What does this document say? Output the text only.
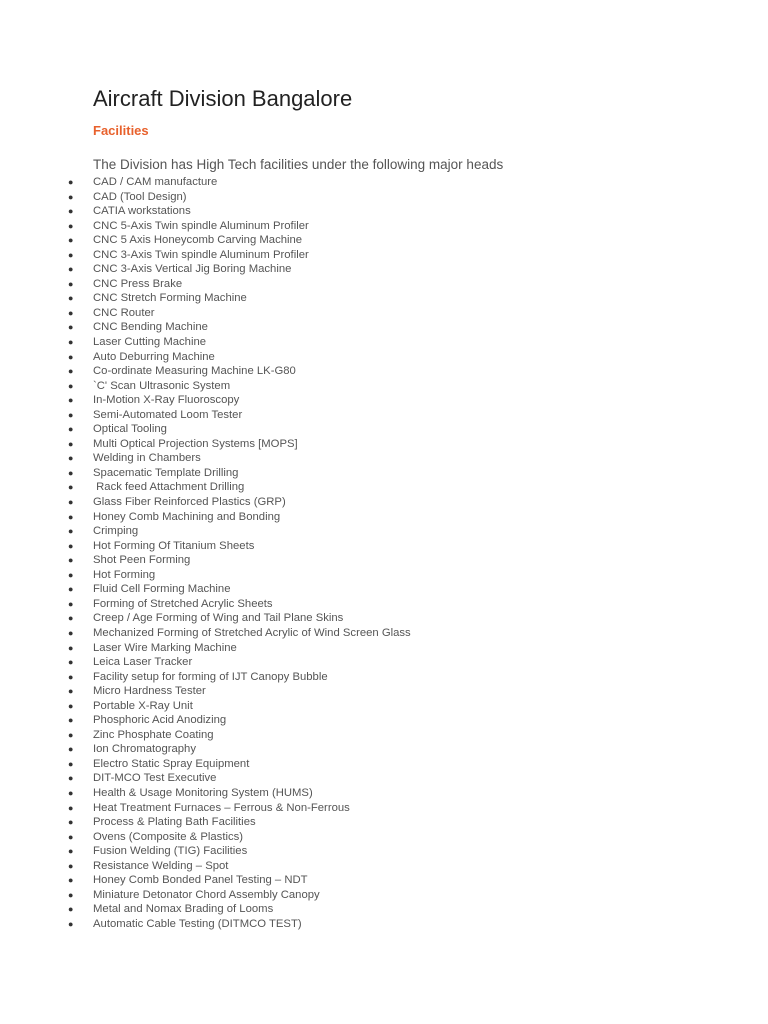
Aircraft Division Bangalore
Facilities

The Division has High Tech facilities under the following major heads

● CAD / CAM manufacture
● CAD (Tool Design)
● CATIA workstations
● CNC 5-Axis Twin spindle Aluminum Profiler
● CNC 5 Axis Honeycomb Carving Machine
● CNC 3-Axis Twin spindle Aluminum Profiler
● CNC 3-Axis Vertical Jig Boring Machine
● CNC Press Brake
● CNC Stretch Forming Machine
● CNC Router
● CNC Bending Machine
● Laser Cutting Machine
● Auto Deburring Machine
● Co-ordinate Measuring Machine LK-G80
● `C' Scan Ultrasonic System
● In-Motion X-Ray Fluoroscopy
● Semi-Automated Loom Tester
● Optical Tooling
● Multi Optical Projection Systems [MOPS]
● Welding in Chambers
● Spacematic Template Drilling
● Rack feed Attachment Drilling
● Glass Fiber Reinforced Plastics (GRP)
● Honey Comb Machining and Bonding
● Crimping
● Hot Forming Of Titanium Sheets
● Shot Peen Forming
● Hot Forming
● Fluid Cell Forming Machine
● Forming of Stretched Acrylic Sheets
● Creep / Age Forming of Wing and Tail Plane Skins
● Mechanized Forming of Stretched Acrylic of Wind Screen Glass
● Laser Wire Marking Machine
● Leica Laser Tracker
● Facility setup for forming of IJT Canopy Bubble
● Micro Hardness Tester
● Portable X-Ray Unit
● Phosphoric Acid Anodizing
● Zinc Phosphate Coating
● Ion Chromatography
● Electro Static Spray Equipment
● DIT-MCO Test Executive
● Health & Usage Monitoring System (HUMS)
● Heat Treatment Furnaces – Ferrous & Non-Ferrous
● Process & Plating Bath Facilities
● Ovens (Composite & Plastics)
● Fusion Welding (TIG) Facilities
● Resistance Welding – Spot
● Honey Comb Bonded Panel Testing – NDT
● Miniature Detonator Chord Assembly Canopy
● Metal and Nomax Brading of Looms
● Automatic Cable Testing (DITMCO TEST)
